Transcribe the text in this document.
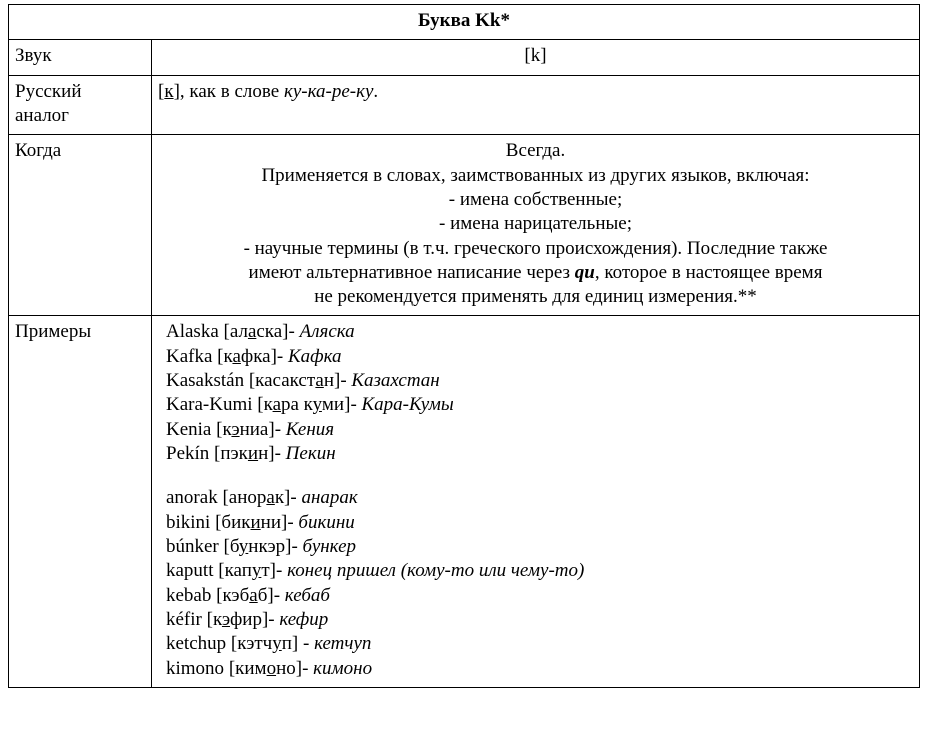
Буква Kk*	
Звук	[k]
Русский
аналог	[к], как в слове ку-ка-ре-ку.
Когда	Всегда.
Применяется в словах, заимствованных из других языков, включая:
- имена собственные;
- имена нарицательные;
- научные термины (в т.ч. греческого происхождения). Последние также
имеют альтернативное написание через qu, которое в настоящее время
не рекомендуется применять для единиц измерения.**

Примеры	Alaska [аласка]- Аляска
Kafka [кафка]- Кафка
Kasakstán [касакстан]- Казахстан
Kara-Kumi [кара куми]- Кара-Кумы
Kenia [кэниа]- Кения
Pekín [пэкин]- Пекин
anorak [анорак]- анарак
bikini [бикини]- бикини
búnker [бункэр]- бункер
kaputt [капут]- конец пришел (кому-то или чему-то)
kebab [кэбаб]- кебаб
kéfir [кэфир]- кефир
ketchup [кэтчуп] - кетчуп
kimono [кимоно]- кимоно
